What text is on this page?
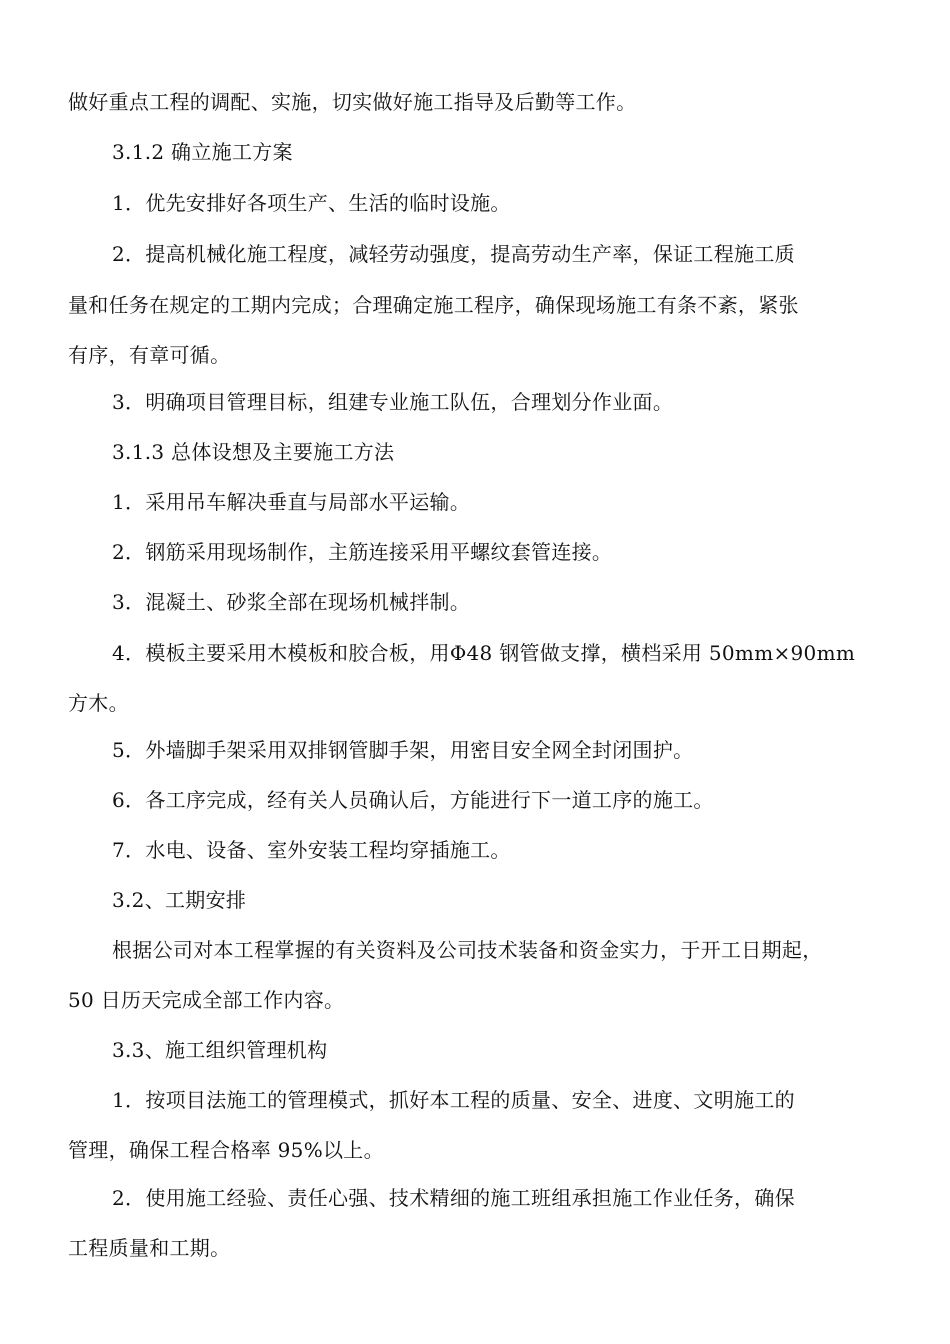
做好重点工程的调配、实施，切实做好施工指导及后勤等工作。
3.1.2 确立施工方案
1．优先安排好各项生产、生活的临时设施。
2．提高机械化施工程度，减轻劳动强度，提高劳动生产率，保证工程施工质
量和任务在规定的工期内完成；合理确定施工程序，确保现场施工有条不紊，紧张
有序，有章可循。
3．明确项目管理目标，组建专业施工队伍，合理划分作业面。
3.1.3 总体设想及主要施工方法
1．采用吊车解决垂直与局部水平运输。
2．钢筋采用现场制作，主筋连接采用平螺纹套管连接。
3．混凝土、砂浆全部在现场机械拌制。
4．模板主要采用木模板和胶合板，用Φ48 钢管做支撑，横档采用 50mm×90mm
方木。
5．外墙脚手架采用双排钢管脚手架，用密目安全网全封闭围护。
6．各工序完成，经有关人员确认后，方能进行下一道工序的施工。
7．水电、设备、室外安装工程均穿插施工。
3.2、工期安排
根据公司对本工程掌握的有关资料及公司技术装备和资金实力，于开工日期起，
50 日历天完成全部工作内容。
3.3、施工组织管理机构
1．按项目法施工的管理模式，抓好本工程的质量、安全、进度、文明施工的
管理，确保工程合格率 95%以上。
2．使用施工经验、责任心强、技术精细的施工班组承担施工作业任务，确保
工程质量和工期。
